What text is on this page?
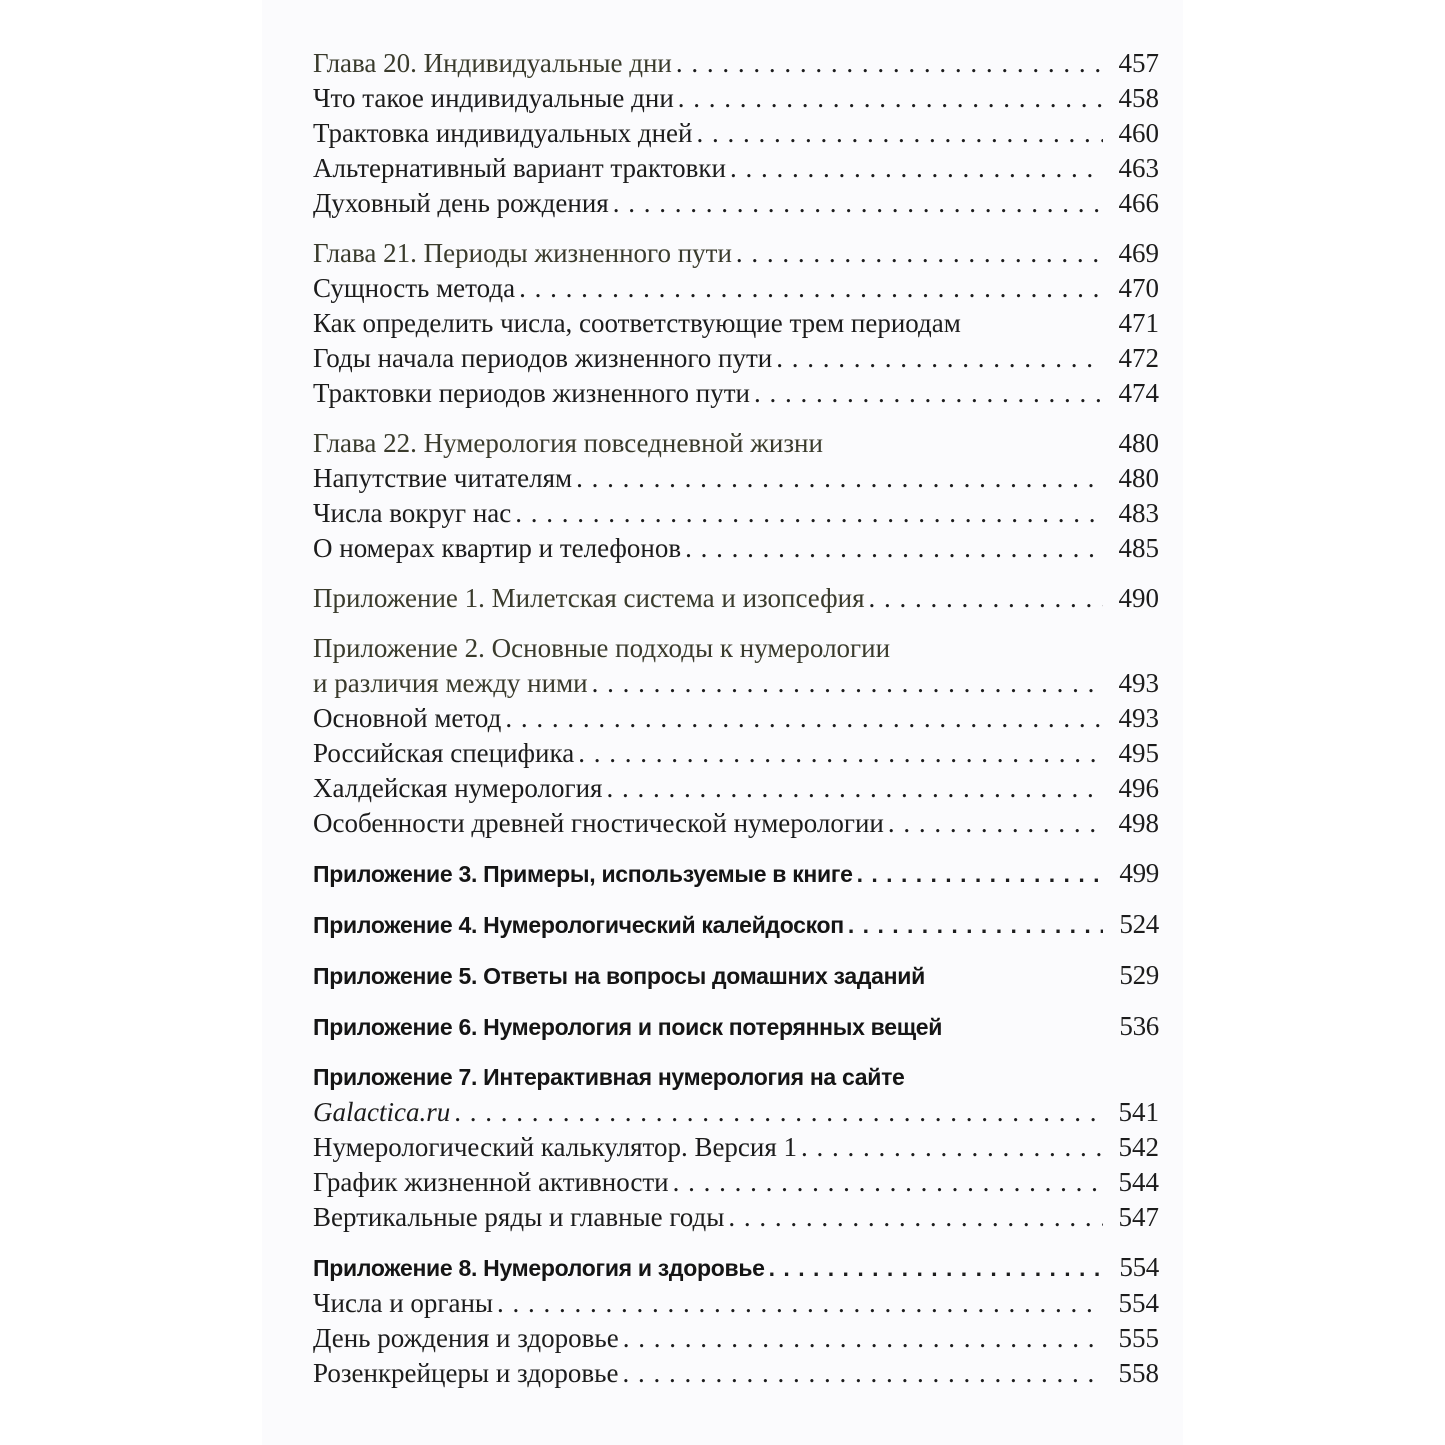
Глава 20. Индивидуальные дни . . .	457
Что такое индивидуальные дни . . .	458
Трактовка индивидуальных дней . . .	460
Альтернативный вариант трактовки . . .	463
Духовный день рождения . . .	466
Глава 21. Периоды жизненного пути . . .	469
Сущность метода . . .	470
Как определить числа, соответствующие трем периодам	471
Годы начала периодов жизненного пути . . .	472
Трактовки периодов жизненного пути . . .	474
Глава 22. Нумерология повседневной жизни	480
Напутствие читателям . . .	480
Числа вокруг нас . . .	483
О номерах квартир и телефонов . . .	485
Приложение 1. Милетская система и изопсефия . . .	490
Приложение 2. Основные подходы к нумерологии
и различия между ними . . .	493
Основной метод . . .	493
Российская специфика . . .	495
Халдейская нумерология . . .	496
Особенности древней гностической нумерологии . . .	498
Приложение 3. Примеры, используемые в книге . . .	499
Приложение 4. Нумерологический калейдоскоп . . .	524
Приложение 5. Ответы на вопросы домашних заданий	529
Приложение 6. Нумерология и поиск потерянных вещей	536
Приложение 7. Интерактивная нумерология на сайте
Galactica.ru . . .	541
Нумерологический калькулятор. Версия 1 . . .	542
График жизненной активности . . .	544
Вертикальные ряды и главные годы . . .	547
Приложение 8. Нумерология и здоровье . . .	554
Числа и органы . . .	554
День рождения и здоровье . . .	555
Розенкрейцеры и здоровье . . .	558
